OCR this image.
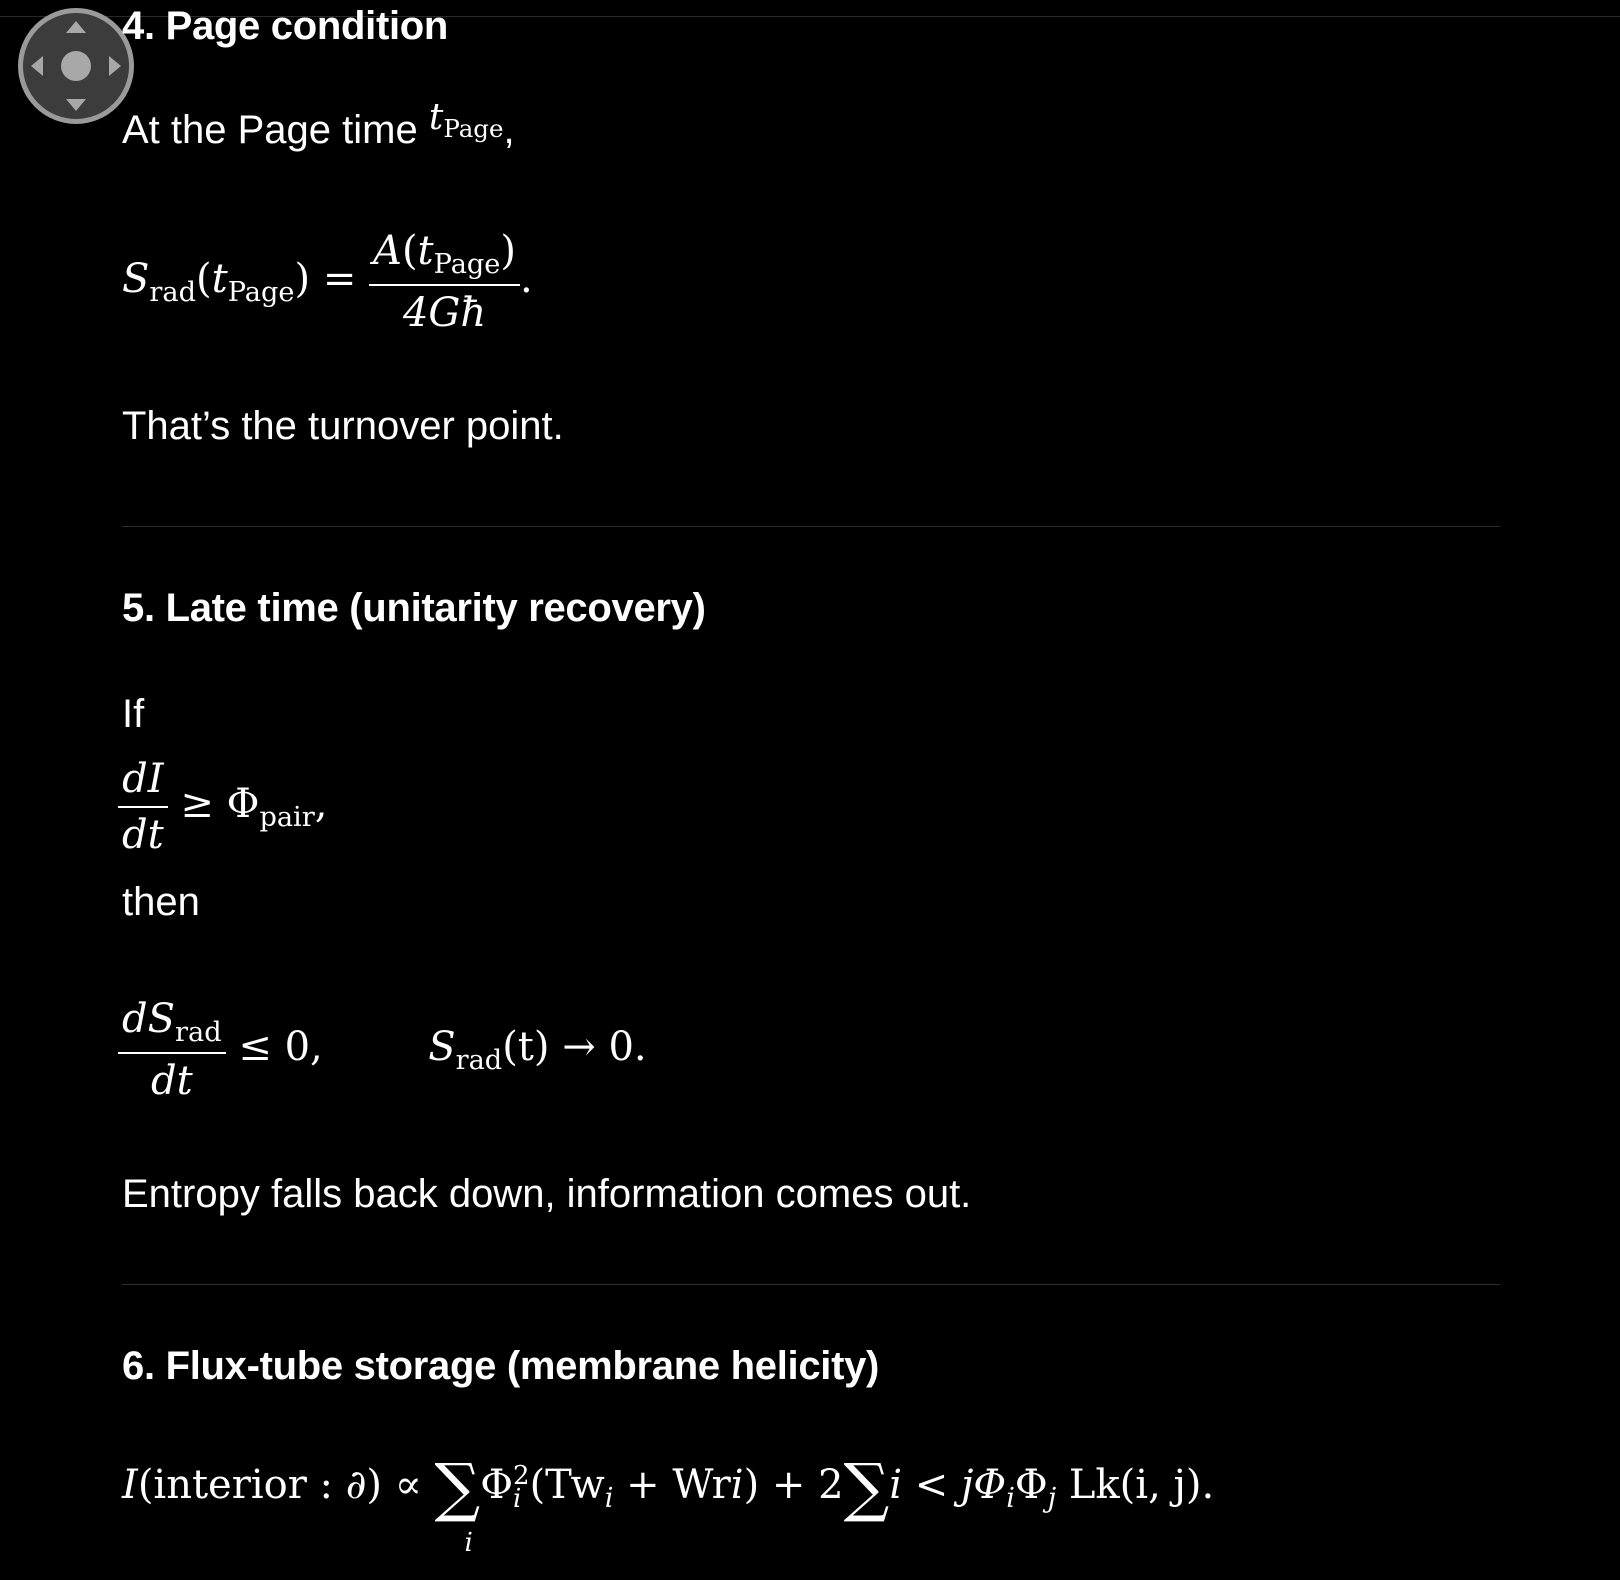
4. Page condition
At the Page time $t_{Page}$,
$S_{rad}(t_{Page}) = \frac{A(t_{Page})}{4Għ}$ .

That’s the turnover point.

5. Late time (unitarity recovery)

If

$\frac{dI}{dt} \ge \Phi_{pair}$,

then

$\frac{dS_{rad}}{dt} \le 0$,	$S_{rad}(t) \to 0$.

Entropy falls back down, information comes out.

6. Flux-tube storage (membrane helicity)
I(interior : ∂) ∝ ∑
i
Φ 2
i $(Tw_i + Wri) + 2\sum i < j\Phi_i\Phi_j$ Lk(i, j).
